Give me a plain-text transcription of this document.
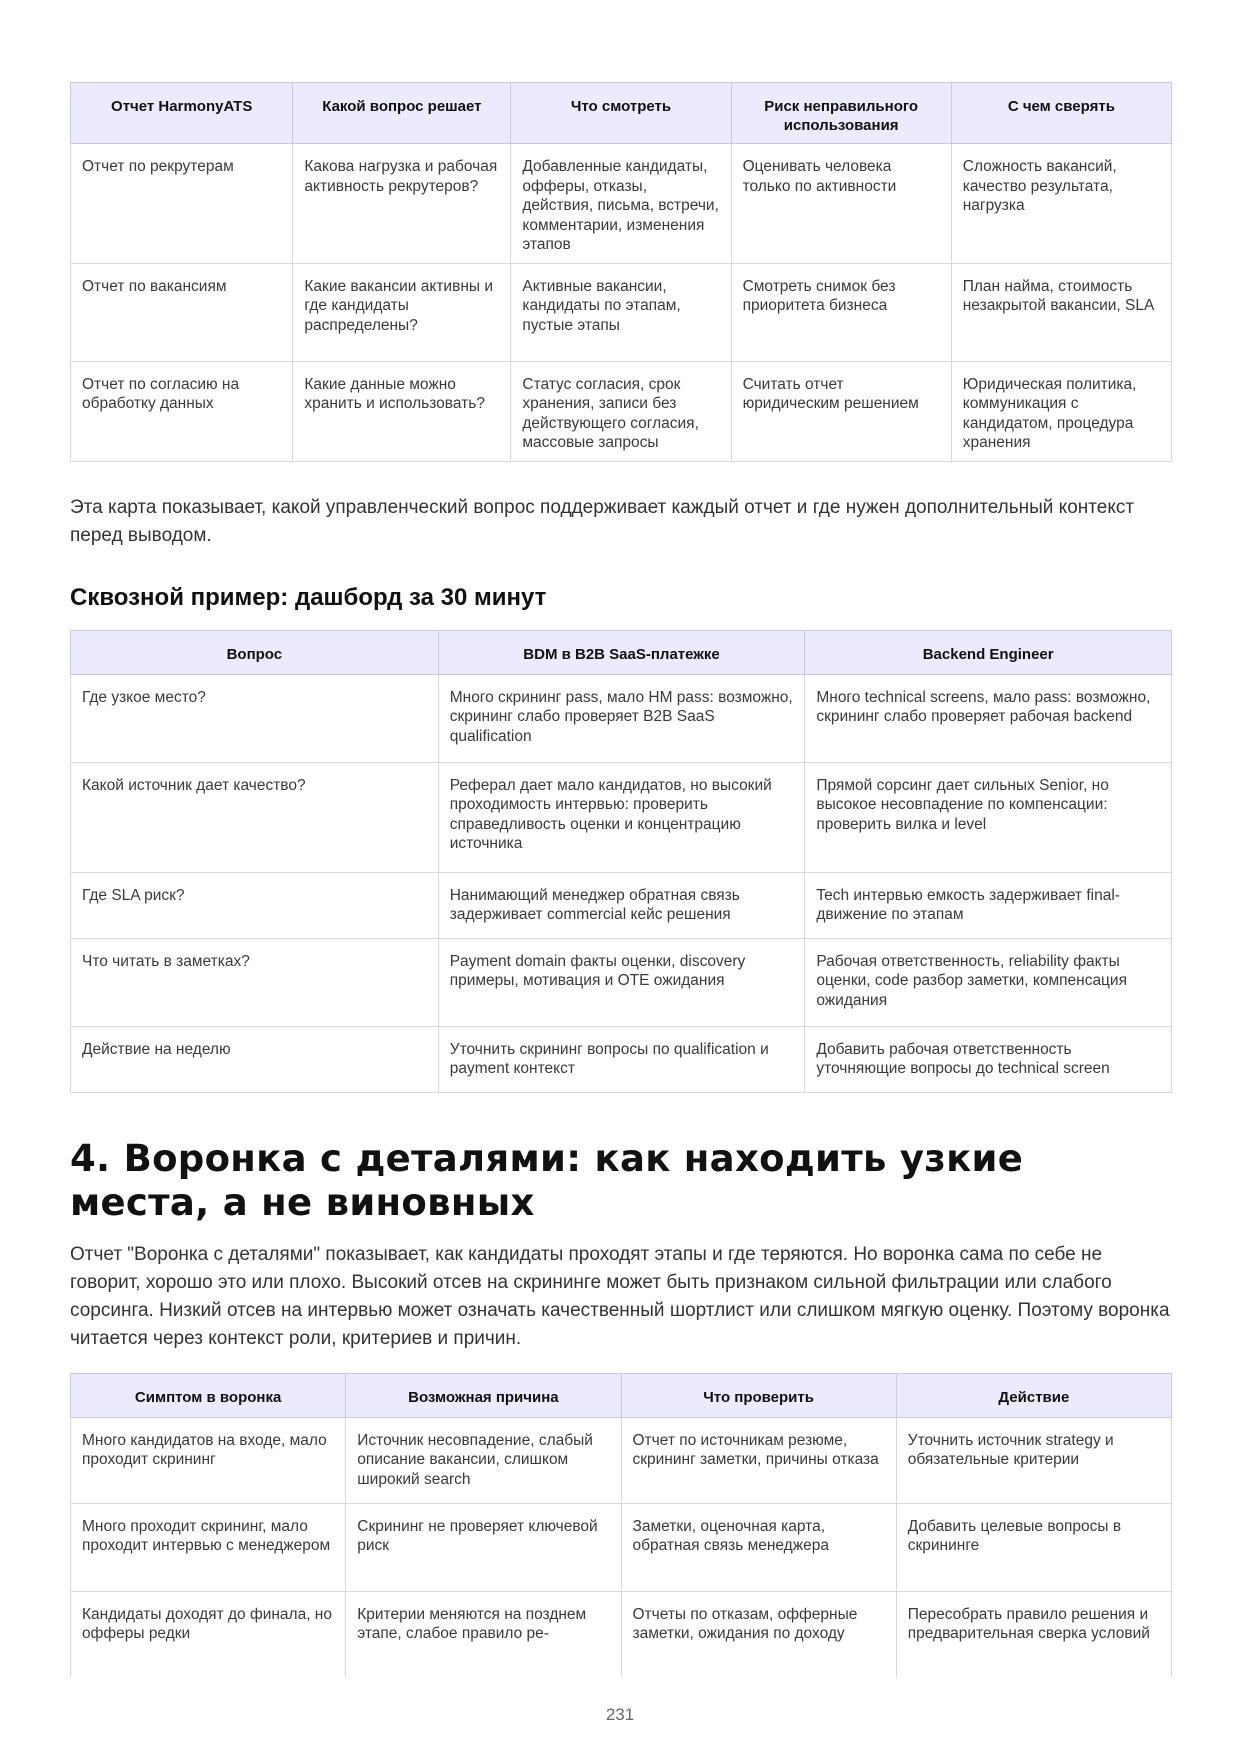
Отчет HarmonyATS	Какой вопрос решает	Что смотреть	Риск неправильного использования	С чем сверять
Отчет по рекрутерам	Какова нагрузка и рабочая активность рекрутеров?	Добавленные кандидаты, офферы, отказы, действия, письма, встречи, комментарии, изменения этапов	Оценивать человека только по активности	Сложность вакансий, качество результата, нагрузка
Отчет по вакансиям	Какие вакансии активны и где кандидаты распределены?	Активные вакансии, кандидаты по этапам, пустые этапы	Смотреть снимок без приоритета бизнеса	План найма, стоимость незакрытой вакансии, SLA
Отчет по согласию на обработку данных	Какие данные можно хранить и использовать?	Статус согласия, срок хранения, записи без действующего согласия, массовые запросы	Считать отчет юридическим решением	Юридическая политика, коммуникация с кандидатом, процедура хранения

Эта карта показывает, какой управленческий вопрос поддерживает каждый отчет и где нужен дополнительный контекст перед выводом.

Сквозной пример: дашборд за 30 минут
Вопрос	BDM в B2B SaaS-платежке	Backend Engineer
Где узкое место?	Много скрининг pass, мало HM pass: возможно, скрининг слабо проверяет B2B SaaS qualification	Много technical screens, мало pass: возможно, скрининг слабо проверяет рабочая backend
Какой источник дает качество?	Реферал дает мало кандидатов, но высокий проходимость интервью: проверить справедливость оценки и концентрацию источника	Прямой сорсинг дает сильных Senior, но высокое несовпадение по компенсации: проверить вилка и level
Где SLA риск?	Нанимающий менеджер обратная связь задерживает commercial кейс решения	Tech интервью емкость задерживает final-движение по этапам
Что читать в заметках?	Payment domain факты оценки, discovery примеры, мотивация и OTE ожидания	Рабочая ответственность, reliability факты оценки, code разбор заметки, компенсация ожидания
Действие на неделю	Уточнить скрининг вопросы по qualification и payment контекст	Добавить рабочая ответственность уточняющие вопросы до technical screen
4. Воронка с деталями: как находить узкие места, а не виновных

Отчет "Воронка с деталями" показывает, как кандидаты проходят этапы и где теряются. Но воронка сама по себе не говорит, хорошо это или плохо. Высокий отсев на скрининге может быть признаком сильной фильтрации или слабого сорсинга. Низкий отсев на интервью может означать качественный шортлист или слишком мягкую оценку. Поэтому воронка читается через контекст роли, критериев и причин.

Симптом в воронка	Возможная причина	Что проверить	Действие
Много кандидатов на входе, мало проходит скрининг	Источник несовпадение, слабый описание вакансии, слишком широкий search	Отчет по источникам резюме, скрининг заметки, причины отказа	Уточнить источник strategy и обязательные критерии
Много проходит скрининг, мало проходит интервью с менеджером	Скрининг не проверяет ключевой риск	Заметки, оценочная карта, обратная связь менеджера	Добавить целевые вопросы в скрининге
Кандидаты доходят до финала, но офферы редки	Критерии меняются на позднем этапе, слабое правило ре-	Отчеты по отказам, офферные заметки, ожидания по доходу	Пересобрать правило решения и предварительная сверка условий
231
